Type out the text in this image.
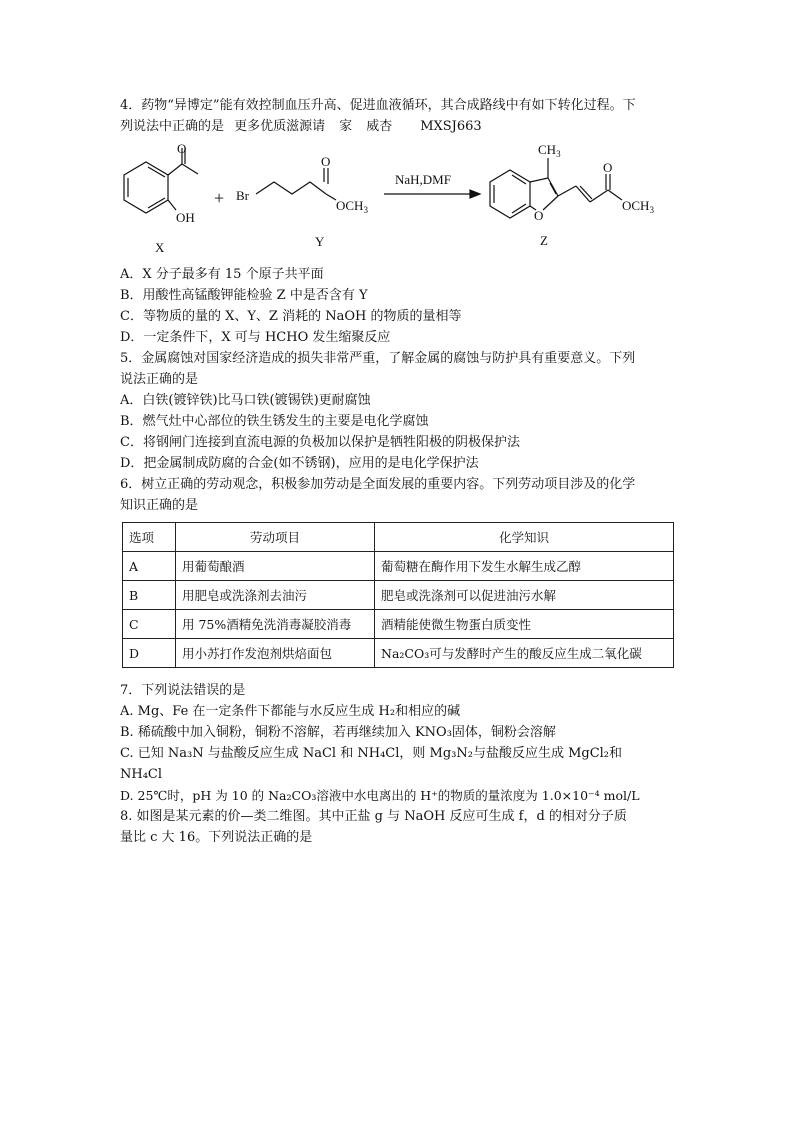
4．药物“异博定”能有效控制血压升高、促进血液循环，其合成路线中有如下转化过程。下
列说法中正确的是 更多优质滋源请 家 威杏 MXSJ663
O
OH
X
+ Br
O
$OCH_3$
Y
NaH,DMF
$CH_3$
O
O
$OCH_3$
Z
A．X 分子最多有 15 个原子共平面
B．用酸性高锰酸钾能检验 Z 中是否含有 Y
C．等物质的量的 X、Y、Z 消耗的 NaOH 的物质的量相等
D．一定条件下，X 可与 HCHO 发生缩聚反应
5．金属腐蚀对国家经济造成的损失非常严重，了解金属的腐蚀与防护具有重要意义。下列
说法正确的是
A．白铁(镀锌铁)比马口铁(镀锡铁)更耐腐蚀
B．燃气灶中心部位的铁生锈发生的主要是电化学腐蚀
C．将钢闸门连接到直流电源的负极加以保护是牺牲阳极的阴极保护法
D．把金属制成防腐的合金(如不锈钢)，应用的是电化学保护法
6．树立正确的劳动观念，积极参加劳动是全面发展的重要内容。下列劳动项目涉及的化学
知识正确的是
选项	劳动项目	化学知识
A	用葡萄酿酒	葡萄糖在酶作用下发生水解生成乙醇
B	用肥皂或洗涤剂去油污	肥皂或洗涤剂可以促进油污水解
C	用 75%酒精免洗消毒凝胶消毒	酒精能使微生物蛋白质变性
D	用小苏打作发泡剂烘焙面包	Na₂CO₃可与发酵时产生的酸反应生成二氧化碳
7．下列说法错误的是
A. Mg、Fe 在一定条件下都能与水反应生成 H₂和相应的碱
B. 稀硫酸中加入铜粉，铜粉不溶解，若再继续加入 KNO₃固体，铜粉会溶解
C. 已知 Na₃N 与盐酸反应生成 NaCl 和 NH₄Cl，则 Mg₃N₂与盐酸反应生成 MgCl₂和
NH₄Cl
D. 25℃时，pH 为 10 的 Na₂CO₃溶液中水电离出的 H⁺的物质的量浓度为 1.0×10⁻⁴ mol/L
8. 如图是某元素的价—类二维图。其中正盐 g 与 NaOH 反应可生成 f，d 的相对分子质
量比 c 大 16。下列说法正确的是
